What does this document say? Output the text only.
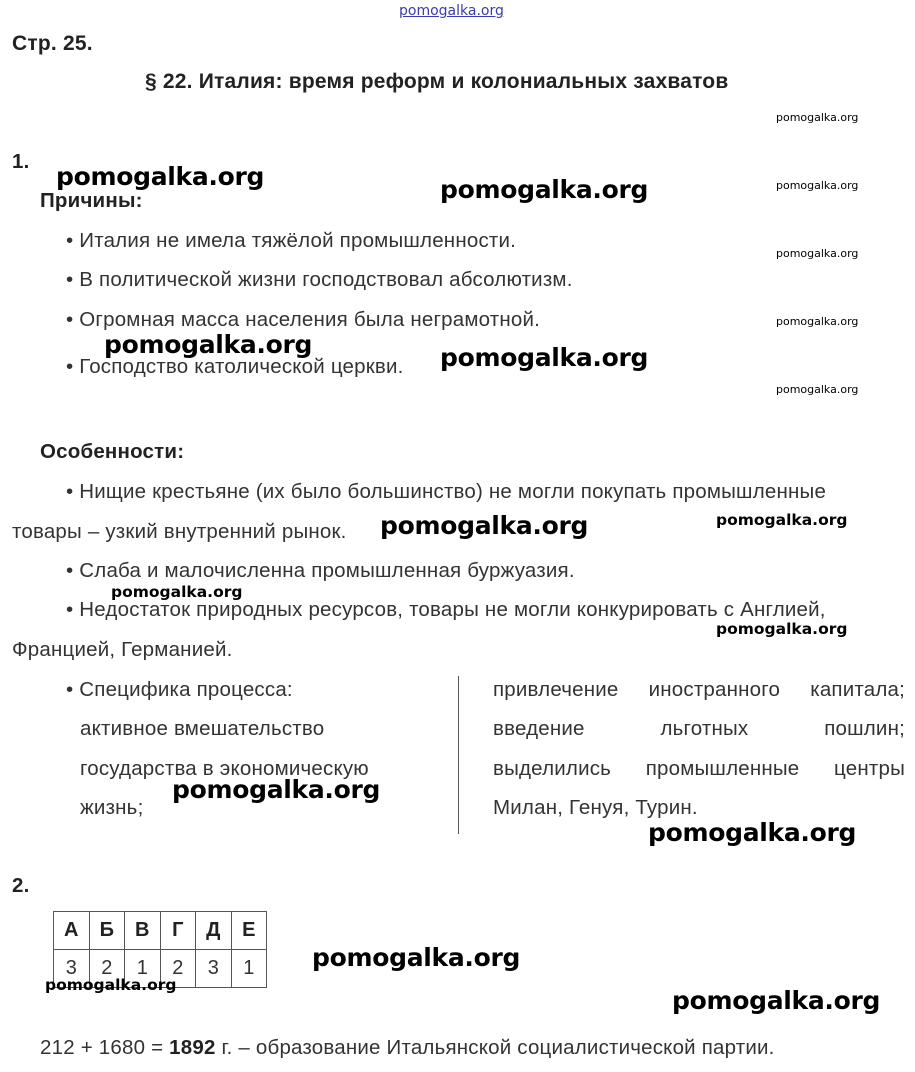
pomogalka.org
Стр. 25.
§ 22. Италия: время реформ и колониальных захватов
pomogalka.org
pomogalka.org
pomogalka.org
pomogalka.org
pomogalka.org
1.
Причины:
• Италия не имела тяжёлой промышленности.
• В политической жизни господствовал абсолютизм.
• Огромная масса населения была неграмотной.
• Господство католической церкви.
pomogalka.org	pomogalka.org
pomogalka.org	pomogalka.org
Особенности:
• Нищие крестьяне (их было большинство) не могли покупать промышленные
товары – узкий внутренний рынок. pomogalka.org	pomogalka.org
• Слаба и малочисленна промышленная буржуазия.
pomogalka.org
• Недостаток природных ресурсов, товары не могли конкурировать с Англией,
pomogalka.org
Францией, Германией.
• Специфика процесса:
активное вмешательство
государства в экономическую
жизнь;
pomogalka.org
привлечение иностранного капитала;
введение льготных пошлин;
выделились промышленные центры
Милан, Генуя, Турин.
pomogalka.org
2.
А	Б	В	Г	Д	Е
3	2	1	2	3	1
pomogalka.org
pomogalka.org
pomogalka.org
212 + 1680 = 1892 г. – образование Итальянской социалистической партии.
